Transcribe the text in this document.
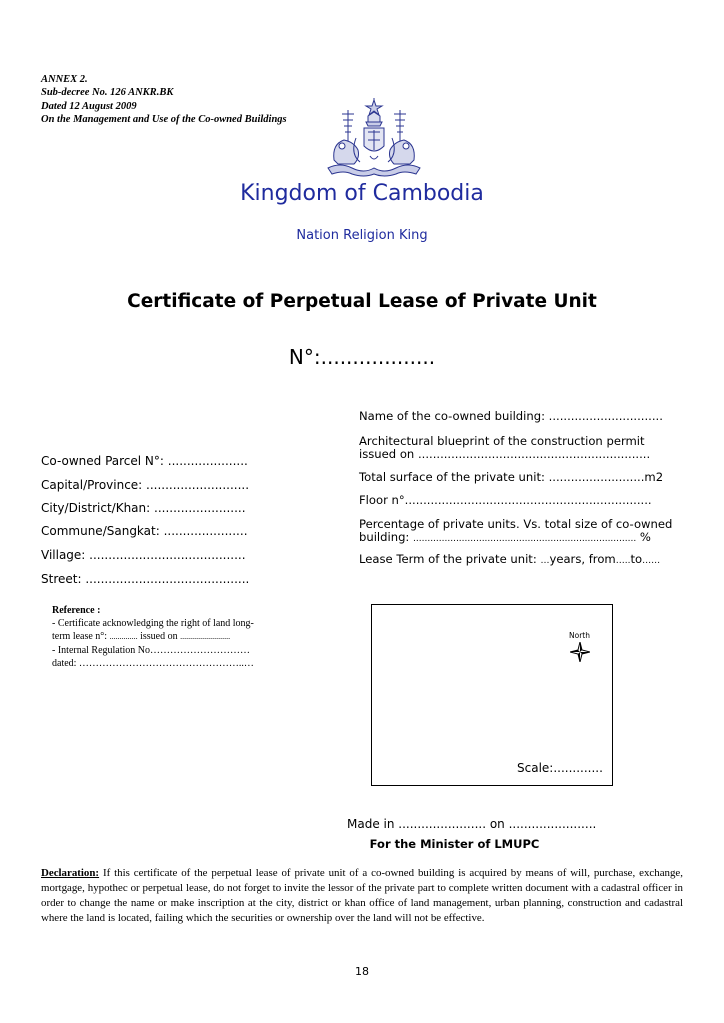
ANNEX 2.
Sub-decree No. 126 ANKR.BK
Dated 12 August 2009
On the Management and Use of the Co-owned Buildings
Kingdom of Cambodia
Nation Religion King
Certificate of Perpetual Lease of Private Unit
N°:..................
Name of the co-owned building: ...............................
Architectural blueprint of the construction permit
issued on ...............................................................
Total surface of the private unit: ..........................m2
Floor n°...................................................................
Percentage of private units. Vs. total size of co-owned
building: .............................................................................. %
Lease Term of the private unit: …years, from…..to……
Co-owned Parcel N°: .....................
Capital/Province: ...........................
City/District/Khan: ........................
Commune/Sangkat: ......................
Village: .........................................
Street: ...........................................
Reference :
- Certificate acknowledging the right of land long-
term lease n°: .............. issued on .........................
- Internal Regulation No…………………………
dated: …………………………………………..…
North
Scale:.............
Made in ....................... on .......................
For the Minister of LMUPC
Declaration: If this certificate of the perpetual lease of private unit of a co-owned building is acquired by means of will, purchase, exchange, mortgage, hypothec or perpetual lease, do not forget to invite the lessor of the private part to complete written document with a cadastral officer in order to change the name or make inscription at the city, district or khan office of land management, urban planning, construction and cadastral where the land is located, failing which the securities or ownership over the land will not be effective.
18
